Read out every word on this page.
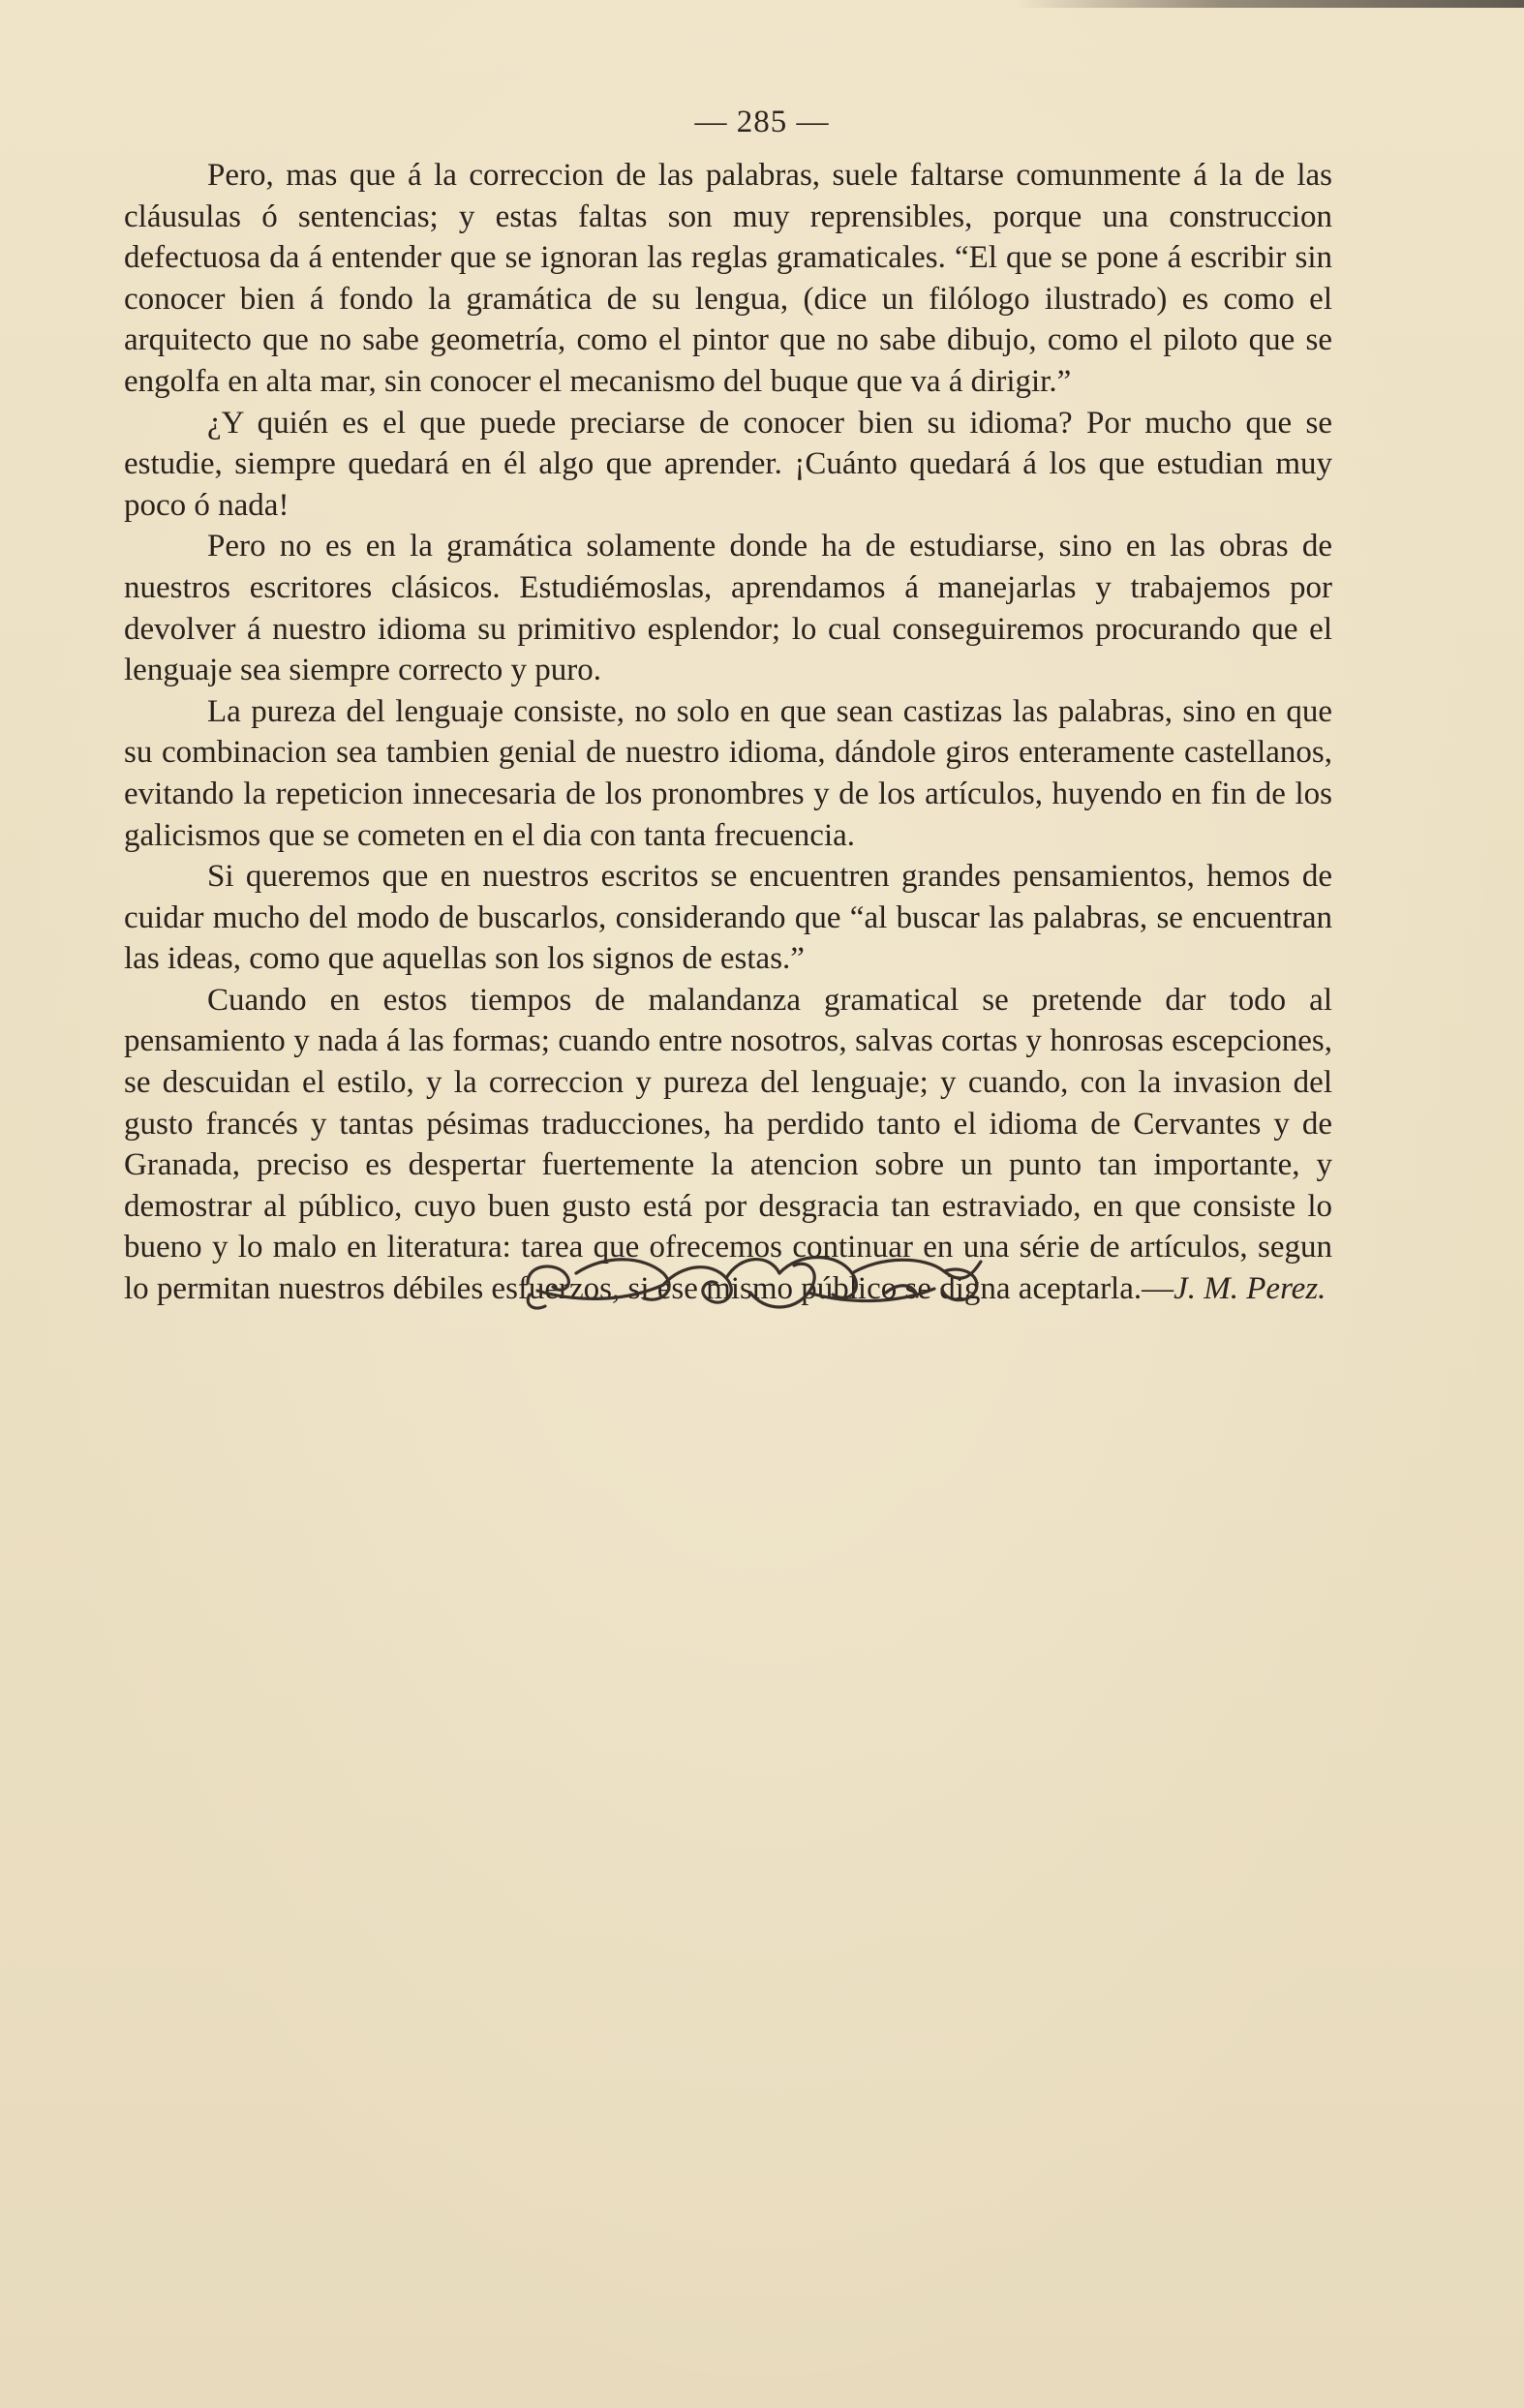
— 285 —

Pero, mas que á la correccion de las palabras, suele faltarse comunmente á la de las cláusulas ó sentencias; y estas faltas son muy reprensibles, porque una construccion defectuosa da á entender que se ignoran las reglas gramaticales. “El que se pone á escribir sin conocer bien á fondo la gramática de su lengua, (dice un filólogo ilustrado) es como el arquitecto que no sabe geometría, como el pintor que no sabe dibujo, como el piloto que se engolfa en alta mar, sin conocer el mecanismo del buque que va á dirigir.”

¿Y quién es el que puede preciarse de conocer bien su idioma? Por mucho que se estudie, siempre quedará en él algo que aprender. ¡Cuánto quedará á los que estudian muy poco ó nada!

Pero no es en la gramática solamente donde ha de estudiarse, sino en las obras de nuestros escritores clásicos. Estudiémoslas, aprendamos á manejarlas y trabajemos por devolver á nuestro idioma su primitivo esplendor; lo cual conseguiremos procurando que el lenguaje sea siempre correcto y puro.

La pureza del lenguaje consiste, no solo en que sean castizas las palabras, sino en que su combinacion sea tambien genial de nuestro idioma, dándole giros enteramente castellanos, evitando la repeticion innecesaria de los pronombres y de los artículos, huyendo en fin de los galicismos que se cometen en el dia con tanta frecuencia.

Si queremos que en nuestros escritos se encuentren grandes pensamientos, hemos de cuidar mucho del modo de buscarlos, considerando que “al buscar las palabras, se encuentran las ideas, como que aquellas son los signos de estas.”

Cuando en estos tiempos de malandanza gramatical se pretende dar todo al pensamiento y nada á las formas; cuando entre nosotros, salvas cortas y honrosas escepciones, se descuidan el estilo, y la correccion y pureza del lenguaje; y cuando, con la invasion del gusto francés y tantas pésimas traducciones, ha perdido tanto el idioma de Cervantes y de Granada, preciso es despertar fuertemente la atencion sobre un punto tan importante, y demostrar al público, cuyo buen gusto está por desgracia tan estraviado, en que consiste lo bueno y lo malo en literatura: tarea que ofrecemos continuar en una série de artículos, segun lo permitan nuestros débiles esfuerzos, si ese mismo público se digna aceptarla.—J. M. Perez.
